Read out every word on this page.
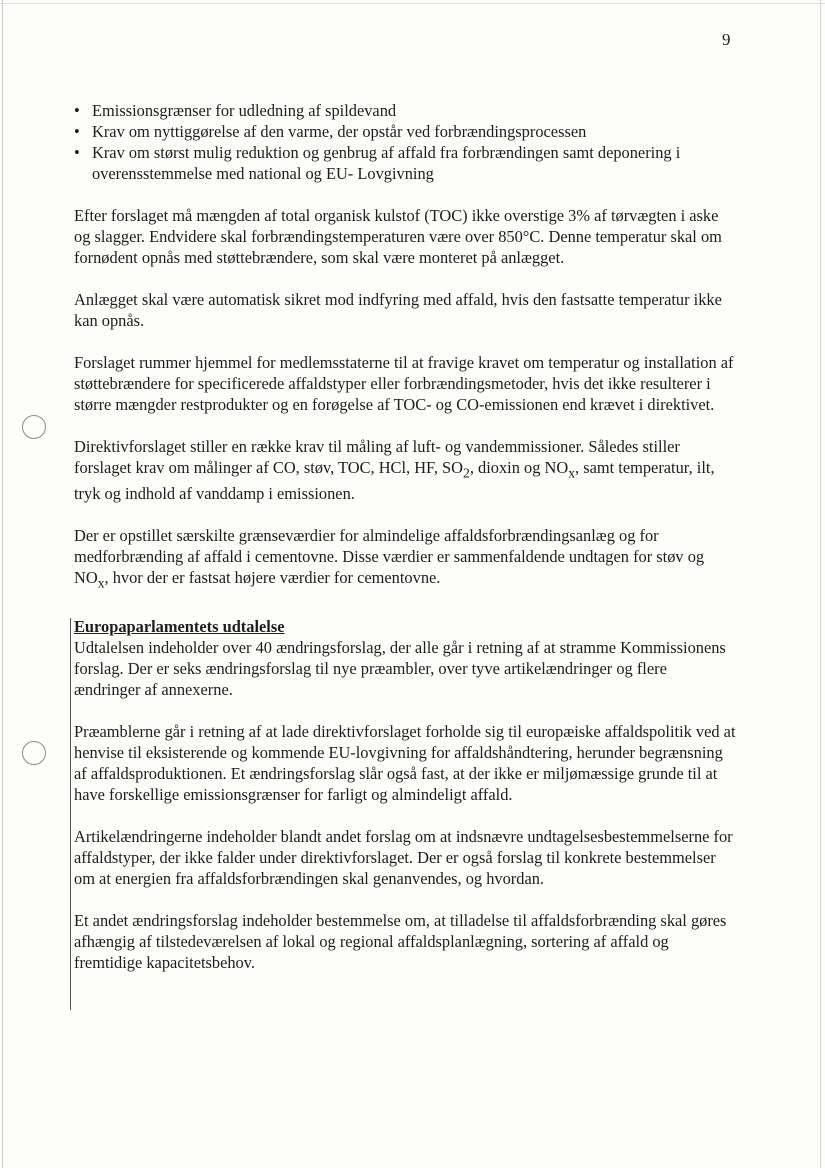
9
• Emissionsgrænser for udledning af spildevand
• Krav om nyttiggørelse af den varme, der opstår ved forbrændingsprocessen
• Krav om størst mulig reduktion og genbrug af affald fra forbrændingen samt deponering i overensstemmelse med national og EU- Lovgivning

Efter forslaget må mængden af total organisk kulstof (TOC) ikke overstige 3% af tørvægten i aske og slagger. Endvidere skal forbrændingstemperaturen være over 850°C. Denne temperatur skal om fornødent opnås med støttebrændere, som skal være monteret på anlægget.

Anlægget skal være automatisk sikret mod indfyring med affald, hvis den fastsatte temperatur ikke kan opnås.

Forslaget rummer hjemmel for medlemsstaterne til at fravige kravet om temperatur og installation af støttebrændere for specificerede affaldstyper eller forbrændingsmetoder, hvis det ikke resulterer i større mængder restprodukter og en forøgelse af TOC- og CO-emissionen end krævet i direktivet.

Direktivforslaget stiller en række krav til måling af luft- og vandemmissioner. Således stiller forslaget krav om målinger af CO, støv, TOC, HCl, HF, $SO_2$, dioxin og $NO_x$, samt temperatur, ilt, tryk og indhold af vanddamp i emissionen.

Der er opstillet særskilte grænseværdier for almindelige affaldsforbrændingsanlæg og for medforbrænding af affald i cementovne. Disse værdier er sammenfaldende undtagen for støv og $NO_x$, hvor der er fastsat højere værdier for cementovne.

Europaparlamentets udtalelse

Udtalelsen indeholder over 40 ændringsforslag, der alle går i retning af at stramme Kommissionens forslag. Der er seks ændringsforslag til nye præambler, over tyve artikelændringer og flere ændringer af annexerne.

Præamblerne går i retning af at lade direktivforslaget forholde sig til europæiske affaldspolitik ved at henvise til eksisterende og kommende EU-lovgivning for affaldshåndtering, herunder begrænsning af affaldsproduktionen. Et ændringsforslag slår også fast, at der ikke er miljømæssige grunde til at have forskellige emissionsgrænser for farligt og almindeligt affald.

Artikelændringerne indeholder blandt andet forslag om at indsnævre undtagelsesbestemmelserne for affaldstyper, der ikke falder under direktivforslaget. Der er også forslag til konkrete bestemmelser om at energien fra affaldsforbrændingen skal genanvendes, og hvordan.

Et andet ændringsforslag indeholder bestemmelse om, at tilladelse til affaldsforbrænding skal gøres afhængig af tilstedeværelsen af lokal og regional affaldsplanlægning, sortering af affald og fremtidige kapacitetsbehov.
